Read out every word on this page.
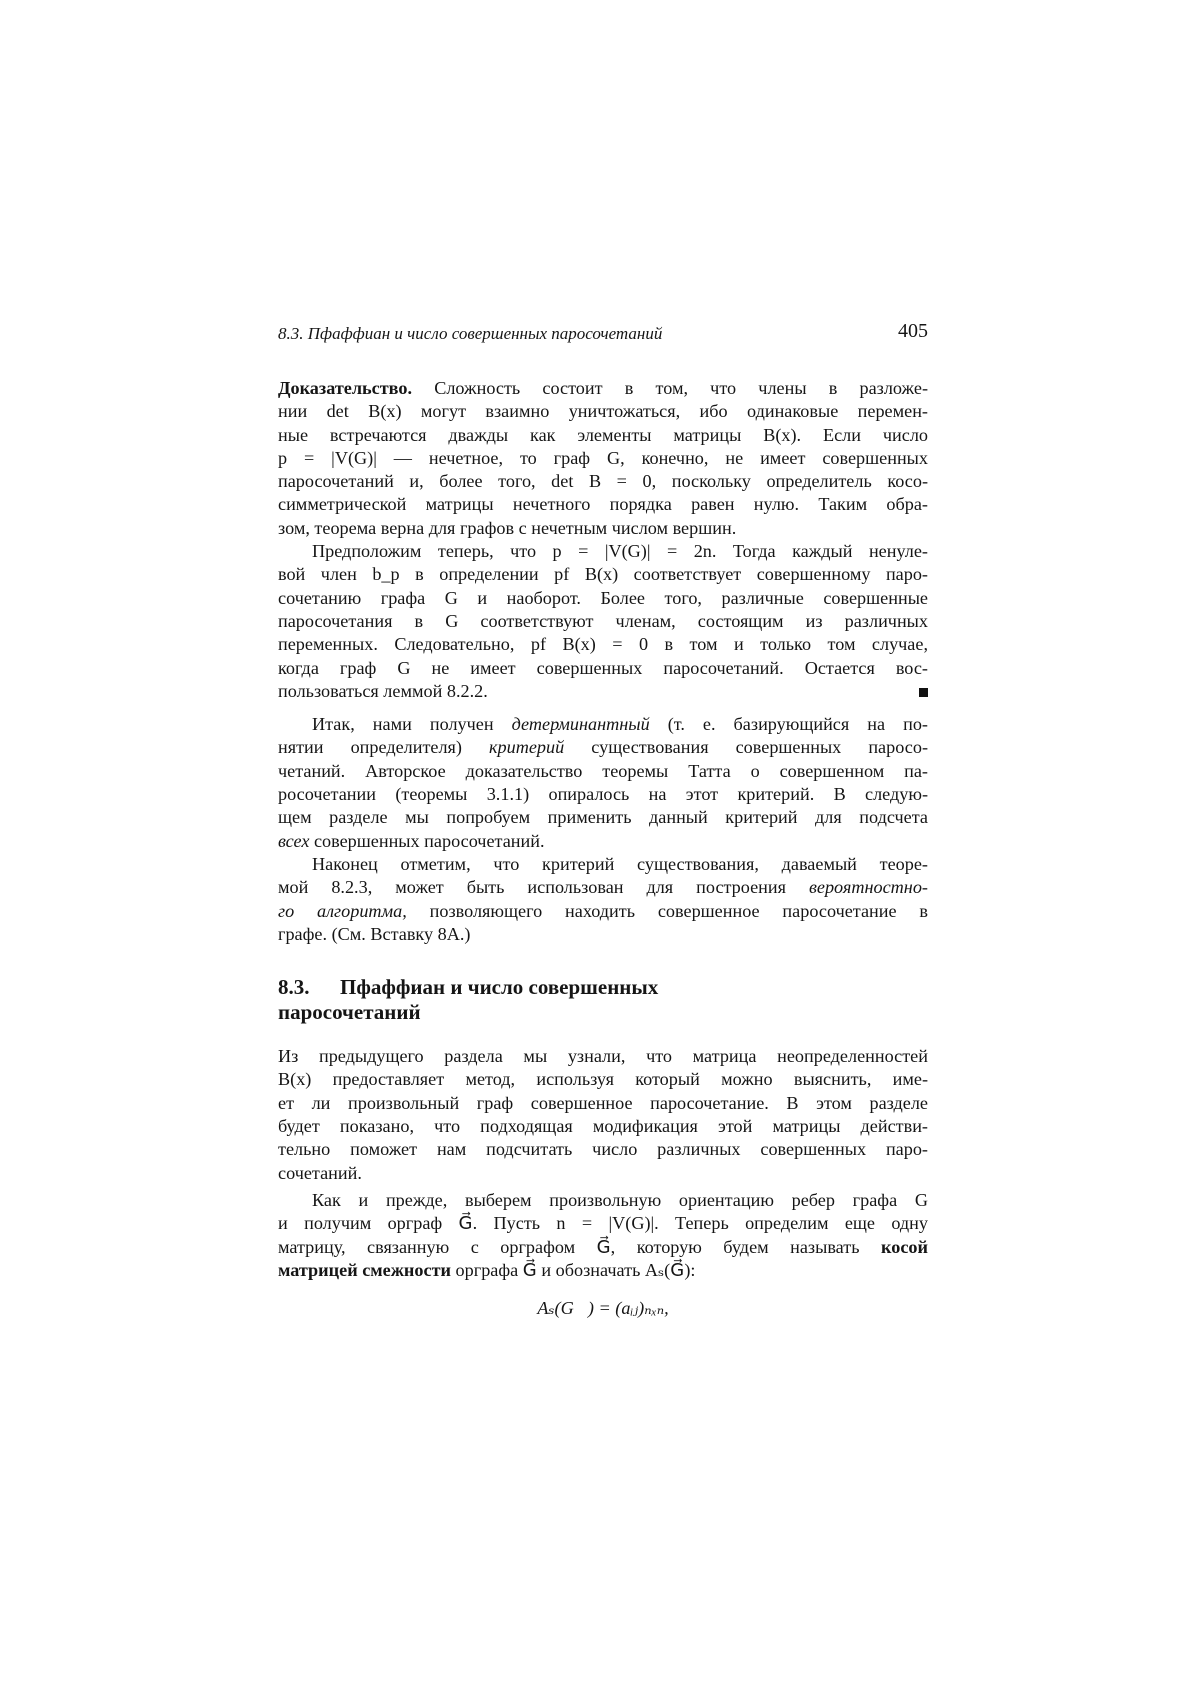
8.3. Пфаффиан и число совершенных паросочетаний	405
Доказательство. Сложность состоит в том, что члены в разложе-
нии det B(x) могут взаимно уничтожаться, ибо одинаковые перемен-
ные встречаются дважды как элементы матрицы B(x). Если число
p = |V(G)| — нечетное, то граф G, конечно, не имеет совершенных
паросочетаний и, более того, det B = 0, поскольку определитель косо-
симметрической матрицы нечетного порядка равен нулю. Таким обра-
зом, теорема верна для графов с нечетным числом вершин.
Предположим теперь, что p = |V(G)| = 2n. Тогда каждый ненуле-
вой член b_p в определении pf B(x) соответствует совершенному паро-
сочетанию графа G и наоборот. Более того, различные совершенные
паросочетания в G соответствуют членам, состоящим из различных
переменных. Следовательно, pf B(x) = 0 в том и только том случае,
когда граф G не имеет совершенных паросочетаний. Остается вос-
пользоваться леммой 8.2.2.
Итак, нами получен детерминантный (т. е. базирующийся на по-
нятии определителя) критерий существования совершенных паросо-
четаний. Авторское доказательство теоремы Татта о совершенном па-
росочетании (теоремы 3.1.1) опиралось на этот критерий. В следую-
щем разделе мы попробуем применить данный критерий для подсчета
всех совершенных паросочетаний.
Наконец отметим, что критерий существования, даваемый теоре-
мой 8.2.3, может быть использован для построения вероятностно-
го алгоритма, позволяющего находить совершенное паросочетание в
графе. (См. Вставку 8А.)
8.3. Пфаффиан и число совершенных
паросочетаний
Из предыдущего раздела мы узнали, что матрица неопределенностей
B(x) предоставляет метод, используя который можно выяснить, име-
ет ли произвольный граф совершенное паросочетание. В этом разделе
будет показано, что подходящая модификация этой матрицы действи-
тельно поможет нам подсчитать число различных совершенных паро-
сочетаний.
Как и прежде, выберем произвольную ориентацию ребер графа G
и получим орграф G⃗. Пусть n = |V(G)|. Теперь определим еще одну
матрицу, связанную с орграфом G⃗, которую будем называть косой
матрицей смежности орграфа G⃗ и обозначать Aₛ(G⃗):
Aₛ(G⃗) = (aᵢⱼ)ₙₓₙ,
